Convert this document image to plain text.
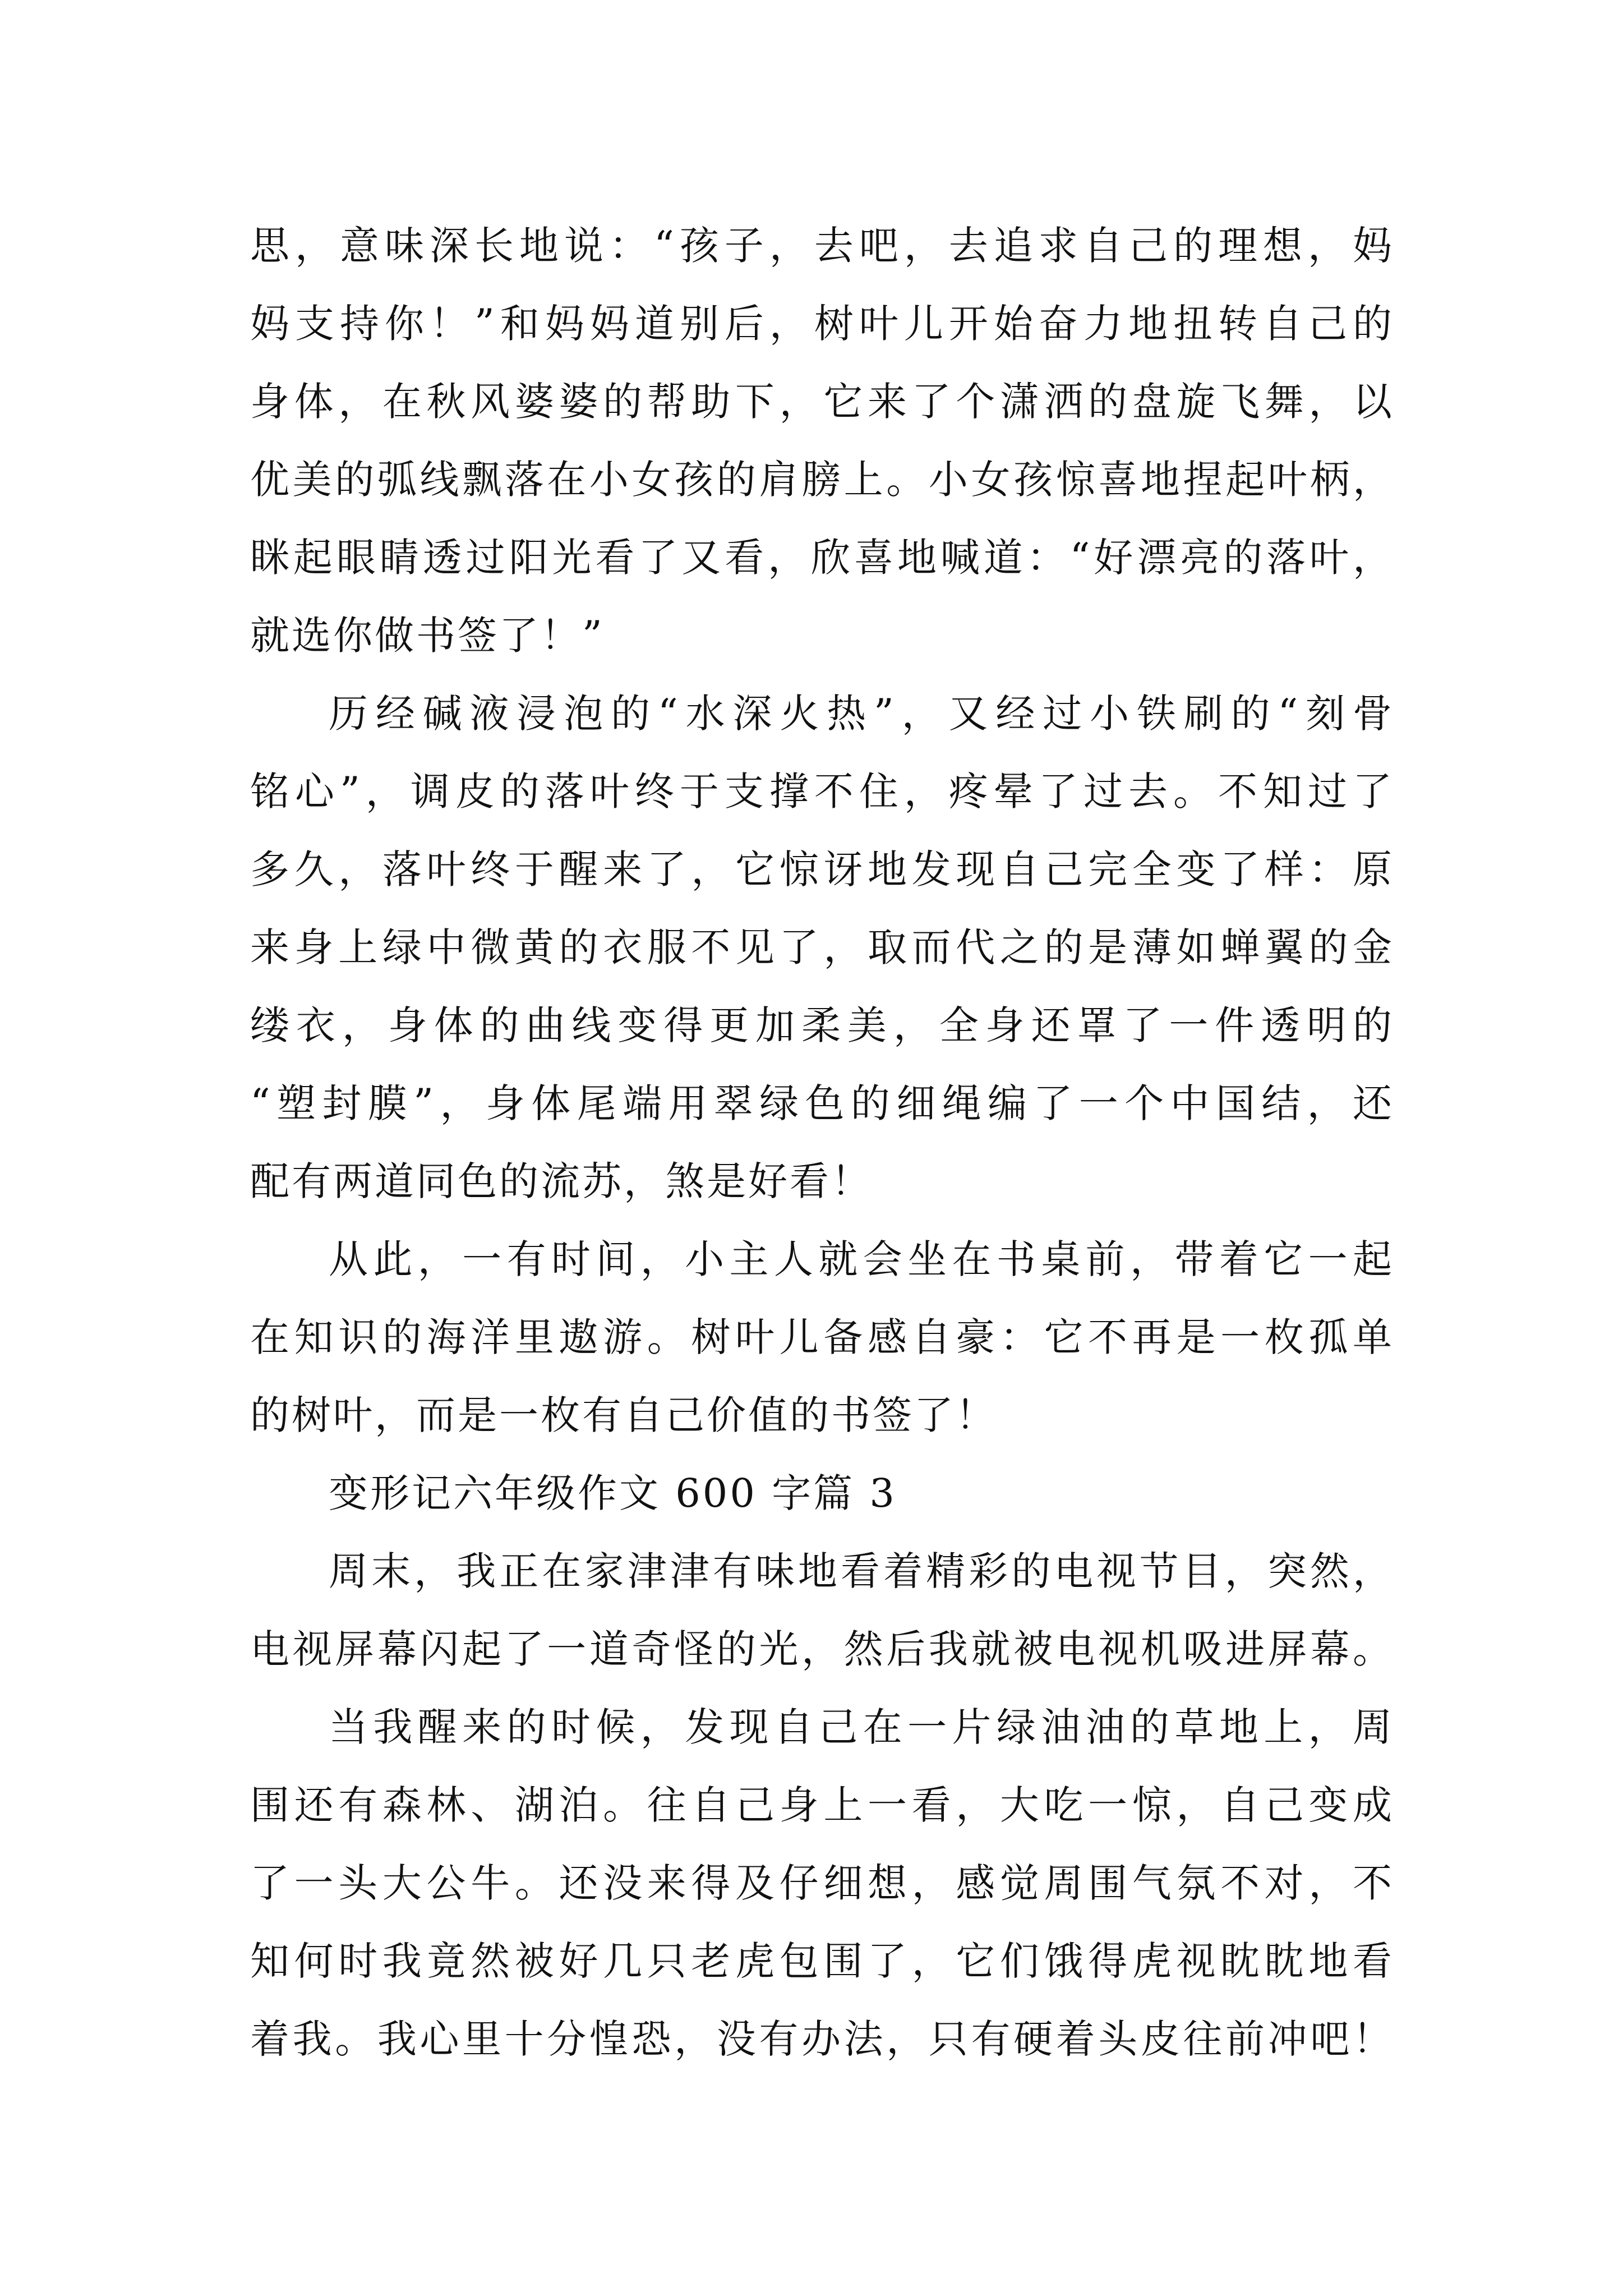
思，意味深长地说：“孩子，去吧，去追求自己的理想，妈
妈支持你！”和妈妈道别后，树叶儿开始奋力地扭转自己的
身体，在秋风婆婆的帮助下，它来了个潇洒的盘旋飞舞，以
优美的弧线飘落在小女孩的肩膀上。小女孩惊喜地捏起叶柄，
眯起眼睛透过阳光看了又看，欣喜地喊道：“好漂亮的落叶，
就选你做书签了！”
历经碱液浸泡的“水深火热”，又经过小铁刷的“刻骨
铭心”，调皮的落叶终于支撑不住，疼晕了过去。不知过了
多久，落叶终于醒来了，它惊讶地发现自己完全变了样：原
来身上绿中微黄的衣服不见了，取而代之的是薄如蝉翼的金
缕衣，身体的曲线变得更加柔美，全身还罩了一件透明的
“塑封膜”，身体尾端用翠绿色的细绳编了一个中国结，还
配有两道同色的流苏，煞是好看！
从此，一有时间，小主人就会坐在书桌前，带着它一起
在知识的海洋里遨游。树叶儿备感自豪：它不再是一枚孤单
的树叶，而是一枚有自己价值的书签了！
变形记六年级作文 600 字篇 3
周末，我正在家津津有味地看着精彩的电视节目，突然，
电视屏幕闪起了一道奇怪的光，然后我就被电视机吸进屏幕。
当我醒来的时候，发现自己在一片绿油油的草地上，周
围还有森林、湖泊。往自己身上一看，大吃一惊，自己变成
了一头大公牛。还没来得及仔细想，感觉周围气氛不对，不
知何时我竟然被好几只老虎包围了，它们饿得虎视眈眈地看
着我。我心里十分惶恐，没有办法，只有硬着头皮往前冲吧！
